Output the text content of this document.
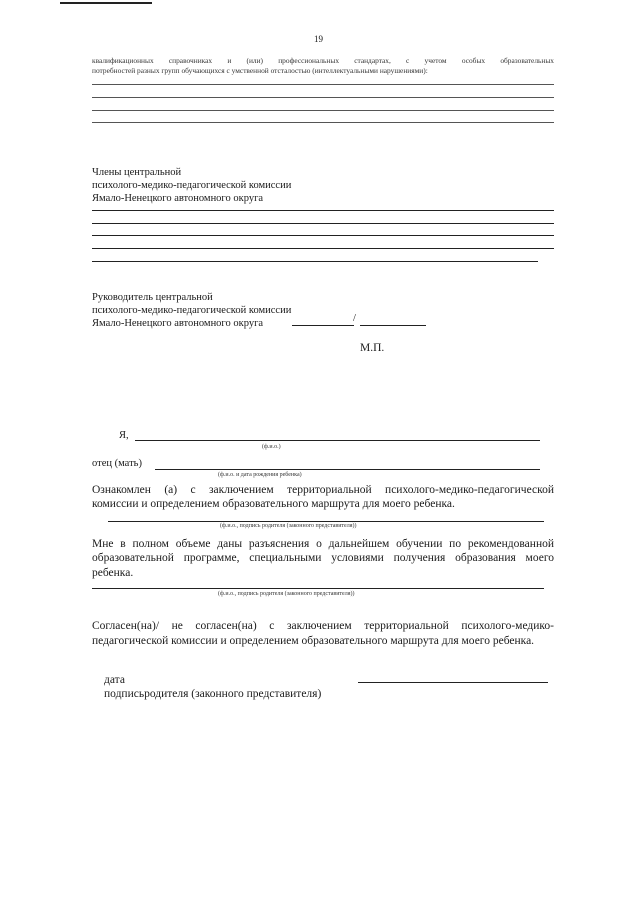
19
квалификационных справочниках и (или) профессиональных стандартах, с учетом особых образовательных
потребностей разных групп обучающихся с умственной отсталостью (интеллектуальными нарушениями):
Члены центральной
психолого-медико-педагогической комиссии
Ямало-Ненецкого автономного округа
Руководитель центральной
психолого-медико-педагогической комиссии
Ямало-Ненецкого автономного округа	/
М.П.
Я,
(ф.и.о.)
отец (мать)
(ф.и.о. и дата рождения ребенка)
Ознакомлен (а) с заключением территориальной психолого-медико-педагогической
комиссии и определением образовательного маршрута для моего ребенка.
(ф.и.о., подпись родителя (законного представителя))
Мне в полном объеме даны разъяснения о дальнейшем обучении по рекомендованной
образовательной программе, специальными условиями получения образования моего
ребенка.
(ф.и.о., подпись родителя (законного представителя))
Согласен(на)/ не согласен(на) с заключением территориальной психолого-медико-
педагогической комиссии и определением образовательного маршрута для моего ребенка.
дата
подписьродителя (законного представителя)
